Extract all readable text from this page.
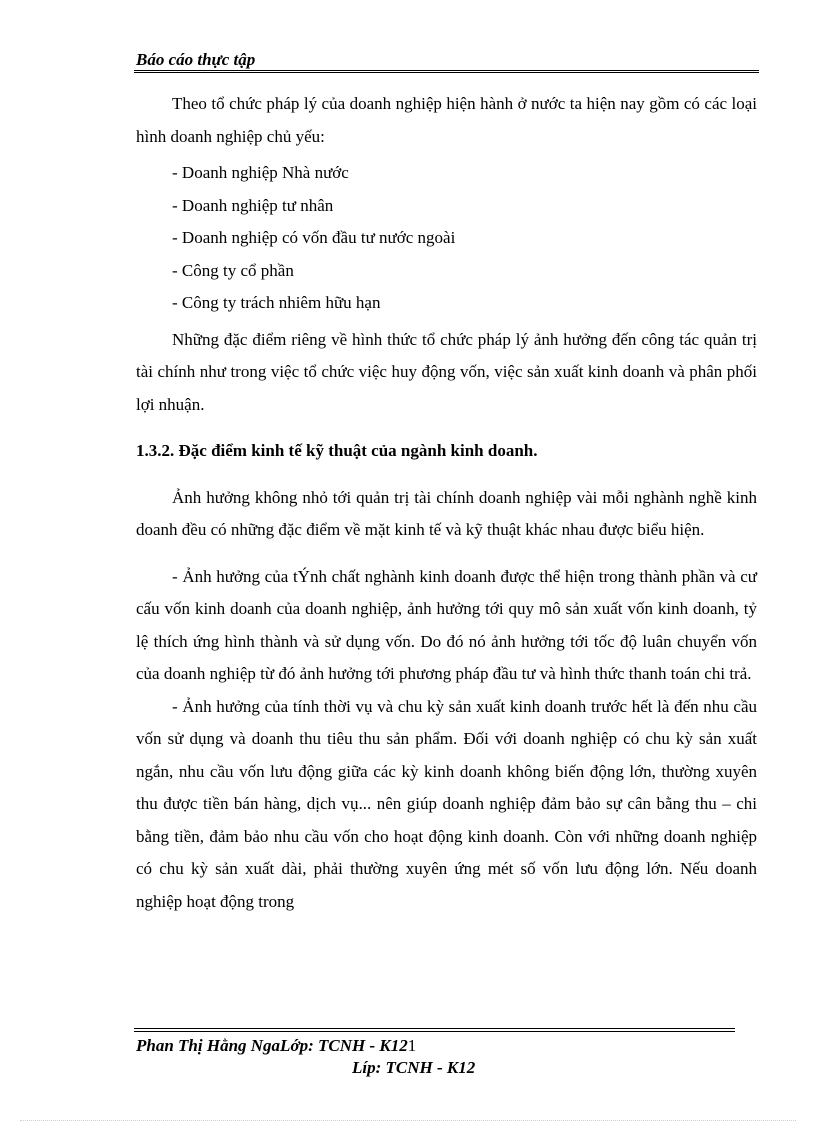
Báo cáo thực tập

Theo tổ chức pháp lý của doanh nghiệp hiện hành ở nước ta hiện nay gồm có các loại hình doanh nghiệp chủ yếu:

- Doanh nghiệp Nhà nước

- Doanh nghiệp tư nhân

- Doanh nghiệp có vốn đầu tư nước ngoài

- Công ty cổ phần

- Công ty trách nhiêm hữu hạn

Những đặc điểm riêng về hình thức tổ chức pháp lý ảnh hưởng đến công tác quản trị tài chính như trong việc tổ chức việc huy động vốn, việc sản xuất kinh doanh và phân phối lợi nhuận.

1.3.2. Đặc điểm kinh tế kỹ thuật của ngành kinh doanh.

Ảnh hưởng không nhỏ tới quản trị tài chính doanh nghiệp vài mỗi nghành nghề kinh doanh đều có những đặc điểm về mặt kinh tế và kỹ thuật khác nhau được biểu hiện.

- Ảnh hưởng của tÝnh chất nghành kinh doanh được thể hiện trong thành phần và cư cấu vốn kinh doanh của doanh nghiệp, ảnh hưởng tới quy mô sản xuất vốn kinh doanh, tỷ lệ thích ứng hình thành và sử dụng vốn. Do đó nó ảnh hưởng tới tốc độ luân chuyển vốn của doanh nghiệp từ đó ảnh hưởng tới phương pháp đầu tư và hình thức thanh toán chi trả.

- Ảnh hưởng của tính thời vụ và chu kỳ sản xuất kinh doanh trước hết là đến nhu cầu vốn sử dụng và doanh thu tiêu thu sản phẩm. Đối với doanh nghiệp có chu kỳ sản xuất ngắn, nhu cầu vốn lưu động giữa các kỳ kinh doanh không biến động lớn, thường xuyên thu được tiền bán hàng, dịch vụ... nên giúp doanh nghiệp đảm bảo sự cân bằng thu – chi bằng tiền, đảm bảo nhu cầu vốn cho hoạt động kinh doanh. Còn với những doanh nghiệp có chu kỳ sản xuất dài, phải thường xuyên ứng mét số vốn lưu động lớn. Nếu doanh nghiệp hoạt động trong

Phan Thị Hằng NgaLớp: TCNH - K121
Líp: TCNH - K12
